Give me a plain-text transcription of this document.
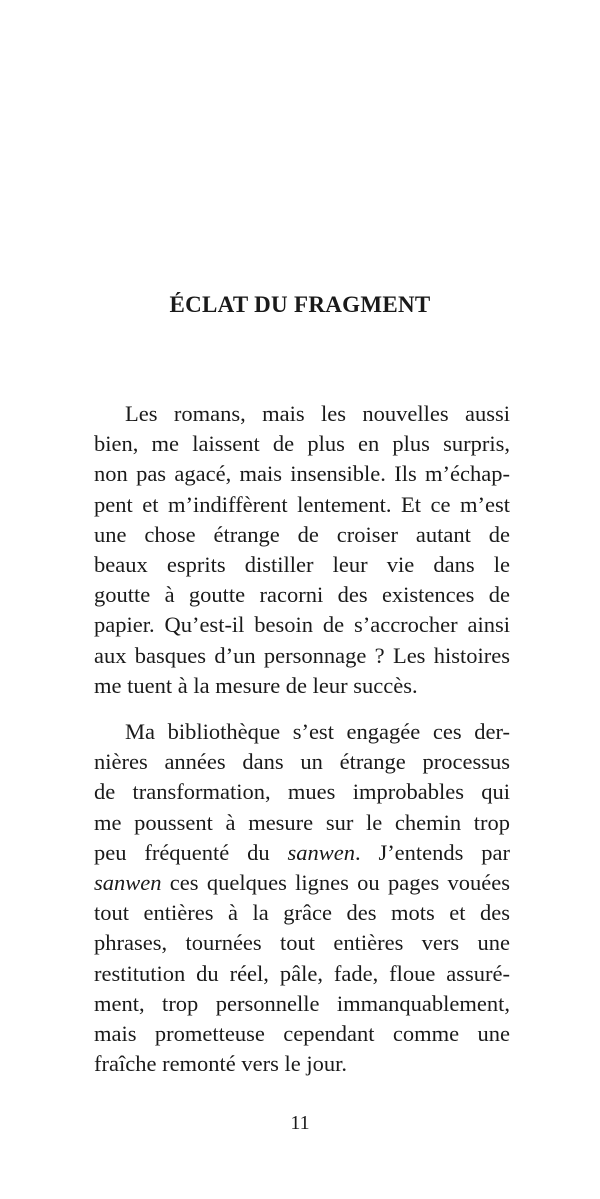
ÉCLAT DU FRAGMENT
Les romans, mais les nouvelles aussi
bien, me laissent de plus en plus surpris,
non pas agacé, mais insensible. Ils m’échap-
pent et m’indiffèrent lentement. Et ce m’est
une chose étrange de croiser autant de
beaux esprits distiller leur vie dans le
goutte à goutte racorni des existences de
papier. Qu’est-il besoin de s’accrocher ainsi
aux basques d’un personnage ? Les histoires
me tuent à la mesure de leur succès.
Ma bibliothèque s’est engagée ces der-
nières années dans un étrange processus
de transformation, mues improbables qui
me poussent à mesure sur le chemin trop
peu fréquenté du sanwen. J’entends par
sanwen ces quelques lignes ou pages vouées
tout entières à la grâce des mots et des
phrases, tournées tout entières vers une
restitution du réel, pâle, fade, floue assuré-
ment, trop personnelle immanquablement,
mais prometteuse cependant comme une
fraîche remonté vers le jour.
11
